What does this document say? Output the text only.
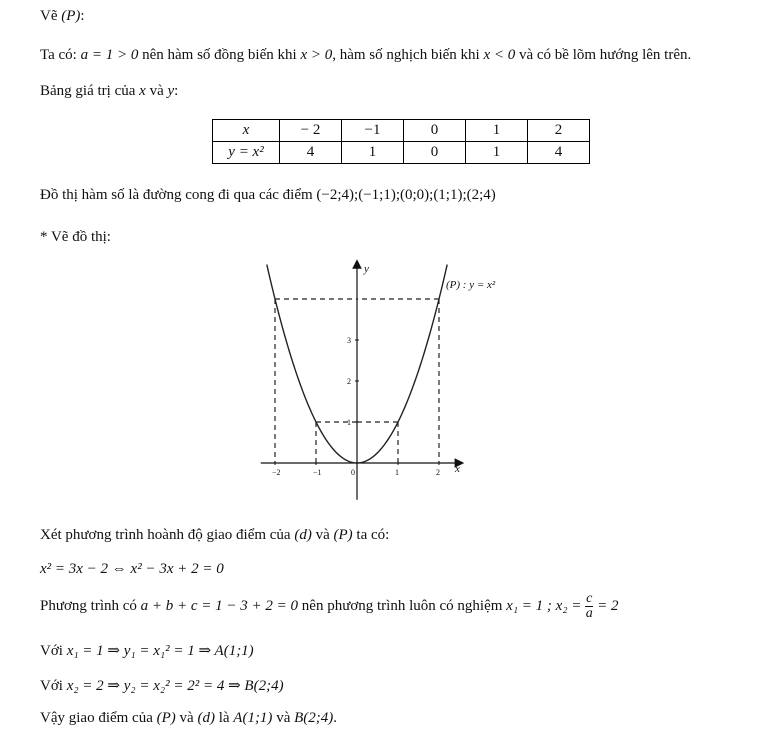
Vẽ (P):
Ta có: a = 1 > 0 nên hàm số đồng biến khi x > 0, hàm số nghịch biến khi x < 0 và có bề lõm hướng lên trên.
Bảng giá trị của x và y:
x	− 2	−1	0	1	2
y = x²	4	1	0	1	4
Đồ thị hàm số là đường cong đi qua các điểm (−2;4);(−1;1);(0;0);(1;1);(2;4)
* Vẽ đồ thị:
−2	−1	0	1	2
1
2
3
(P) : y = x²
x
y
Xét phương trình hoành độ giao điểm của (d) và (P) ta có:
x² = 3x − 2 ⇔ x² − 3x + 2 = 0
Phương trình có a + b + c = 1 − 3 + 2 = 0 nên phương trình luôn có nghiệm x₁ = 1 ; $x_2 = \frac{c}{a} = 2$
Với x₁ = 1 ⇒ y₁ = x₁² = 1 ⇒ A(1;1)
Với x₂ = 2 ⇒ y₂ = x₂² = 2² = 4 ⇒ B(2;4)
Vậy giao điểm của (P) và (d) là A(1;1) và B(2;4).
